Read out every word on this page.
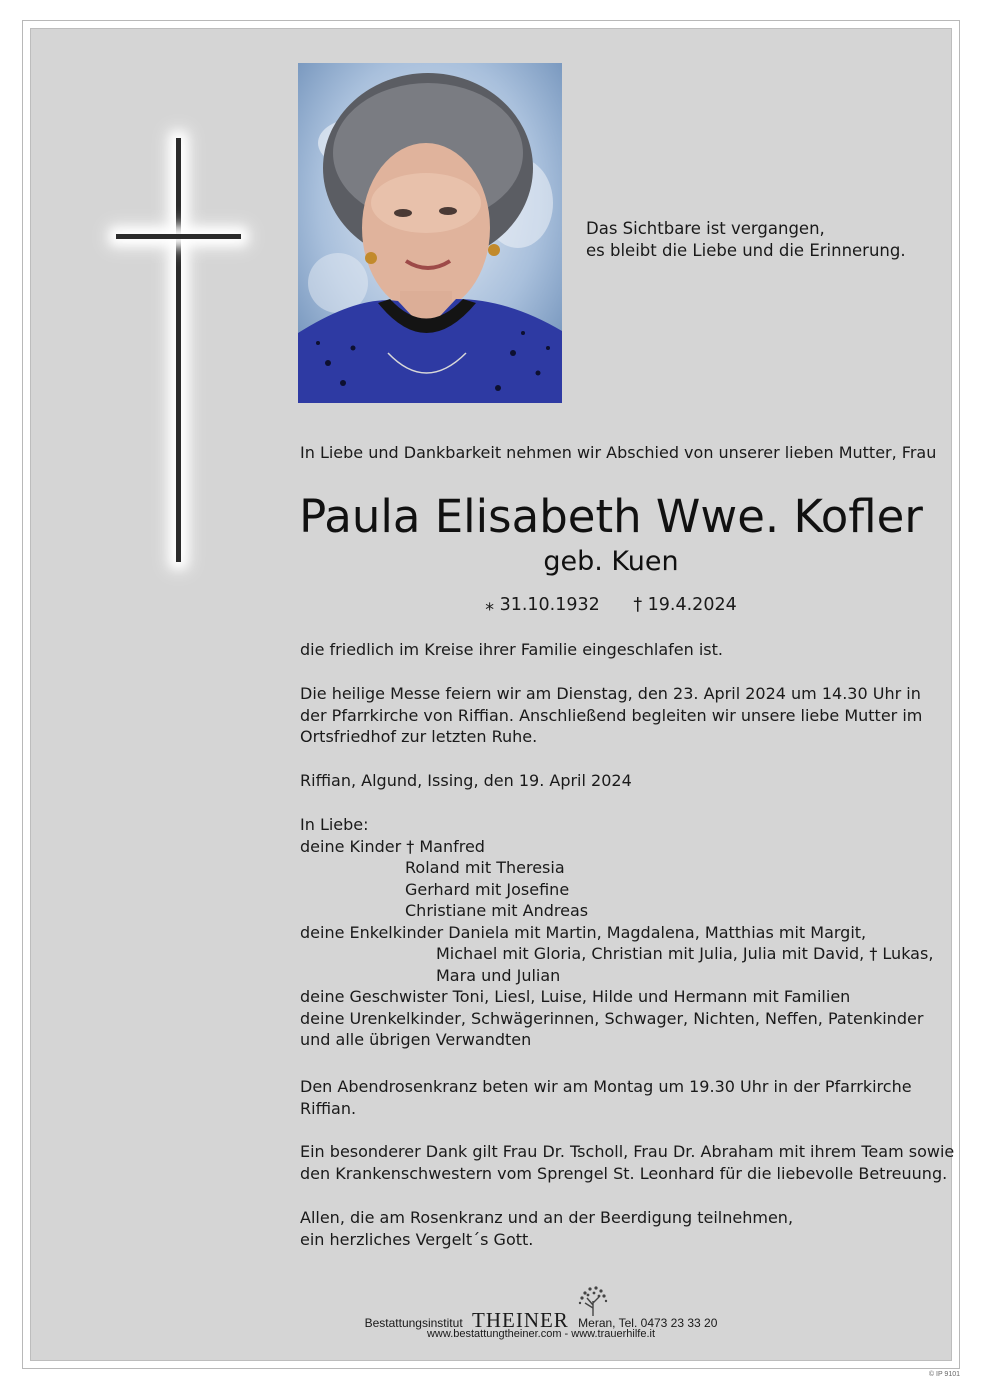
Das Sichtbare ist vergangen,
es bleibt die Liebe und die Erinnerung.
In Liebe und Dankbarkeit nehmen wir Abschied von unserer lieben Mutter, Frau
Paula Elisabeth Wwe. Kofler
geb. Kuen
⁎ 31.10.1932 † 19.4.2024
die friedlich im Kreise ihrer Familie eingeschlafen ist.
Die heilige Messe feiern wir am Dienstag, den 23. April 2024 um 14.30 Uhr in
der Pfarrkirche von Riffian. Anschließend begleiten wir unsere liebe Mutter im
Ortsfriedhof zur letzten Ruhe.
Riffian, Algund, Issing, den 19. April 2024
In Liebe:
deine Kinder † Manfred
Roland mit Theresia
Gerhard mit Josefine
Christiane mit Andreas
deine Enkelkinder Daniela mit Martin, Magdalena, Matthias mit Margit,
Michael mit Gloria, Christian mit Julia, Julia mit David, † Lukas,
Mara und Julian
deine Geschwister Toni, Liesl, Luise, Hilde und Hermann mit Familien
deine Urenkelkinder, Schwägerinnen, Schwager, Nichten, Neffen, Patenkinder
und alle übrigen Verwandten
Den Abendrosenkranz beten wir am Montag um 19.30 Uhr in der Pfarrkirche
Riffian.
Ein besonderer Dank gilt Frau Dr. Tscholl, Frau Dr. Abraham mit ihrem Team sowie
den Krankenschwestern vom Sprengel St. Leonhard für die liebevolle Betreuung.
Allen, die am Rosenkranz und an der Beerdigung teilnehmen,
ein herzliches Vergelt´s Gott.
Bestattungsinstitut THEINER Meran, Tel. 0473 23 33 20
www.bestattungtheiner.com - www.trauerhilfe.it
© IP 9101
